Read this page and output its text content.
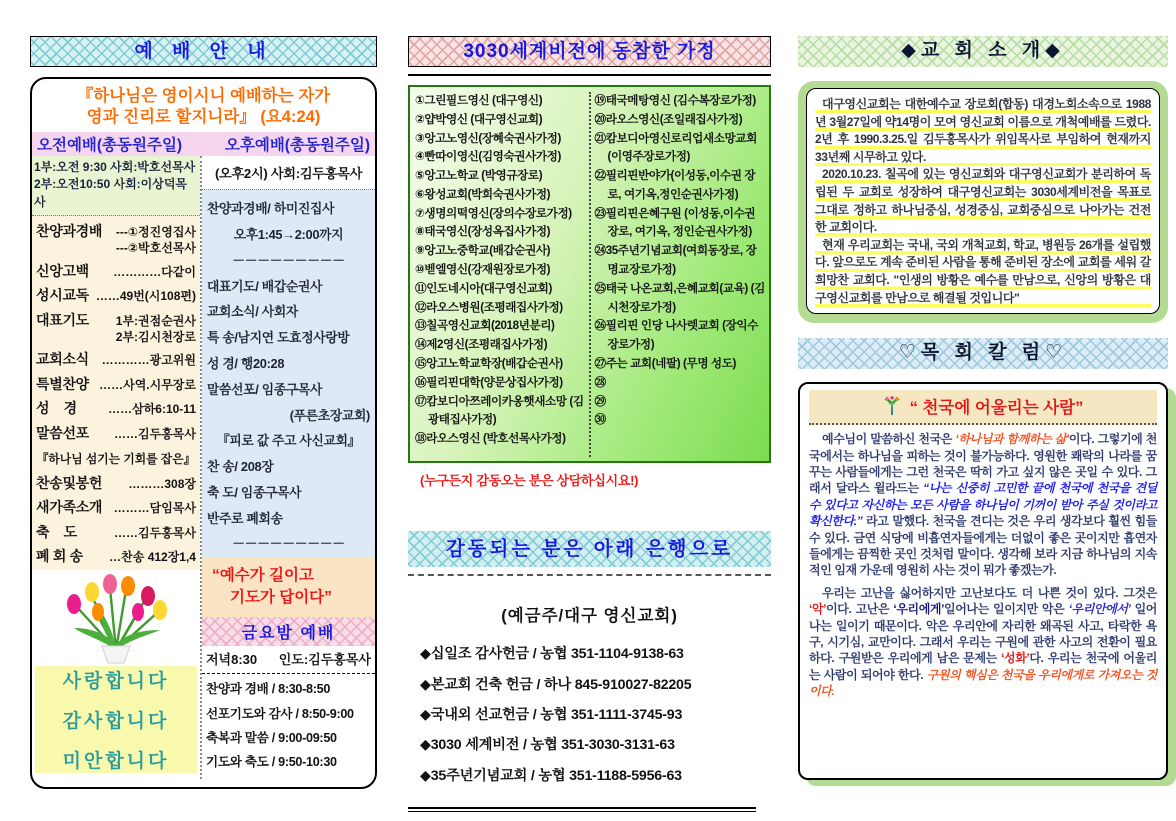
예 배 안 내
『하나님은 영이시니 예배하는 자가
영과 진리로 할지니라』 (요4:24)
오전예배(총동원주일)	오후예배(총동원주일)
1부:오전 9:30 사회:박호선목사
2부:오전10:50 사회:이상덕목사
찬양과경배 ---①정진영집사
---②박호선목사
신앙고백 …………다같이
성시교독 ……49번(시108편)
대표기도 1부:권점순권사
2부:김시천장로
교회소식 …………광고위원
특별찬양 ……사역.시무장로
성    경	……삼하6:10-11
말씀선포 ……김두홍목사
『하나님 섬기는 기회를 잡은』
찬송및봉헌 ………308장
새가족소개 ………담임목사
축    도	……김두홍목사
폐 회 송 …찬송 412장1,4
사랑합니다
감사합니다
미안합니다
(오후2시) 사회:김두홍목사
찬양과경배/ 하미진집사
오후1:45→2:00까지
－－－－－－－－－
대표기도/ 배갑순권사
교회소식/ 사회자
특 송/남지연 도효정사랑방
성 경/ 행20:28
말씀선포/ 임종구목사
(푸른초장교회)
『피로 값 주고 사신교회』
찬 송/ 208장
축 도/ 임종구목사
반주로 폐회송
－－－－－－－－－
“예수가 길이고
기도가 답이다”
금요밤 예배
저녁8:30 인도:김두홍목사
찬양과 경배 / 8:30-8:50
선포기도와 감사 / 8:50-9:00
축복과 말씀 / 9:00-09:50
기도와 축도 / 9:50-10:30
3030세계비전에 동참한 가정
①그린필드영신 (대구영신)
②얍박영신 (대구영신교회)
③앙고노영신(장혜숙권사가정)
④빤따이영신(김영숙권사가정)
⑤앙고노학교 (박영규장로)
⑥왕성교회(박희숙권사가정)
⑦생명의떡영신(장의수장로가정)
⑧태국영신(장성옥집사가정)
⑨앙고노중학교(배갑순권사)
⑩벧엘영신(강재원장로가정)
⑪인도네시아(대구영신교회)
⑫라오스병원(조평래집사가정)
⑬칠곡영신교회(2018년분리)
⑭제2영신(조평래집사가정)
⑮앙고노학교학장(배갑순권사)
⑯필리핀대학(양문상집사가정)
⑰캄보디아쯔레이카옹햇새소망 (김광태집사가정)
⑱라오스영신 (박호선목사가정)
⑲태국메탕영신 (김수복장로가정)
⑳라오스영신(조일래집사가정)
㉑캄보디아영신로리업새소망교회 (이영주장로가정)
㉒필리핀반야가(이성동,이수권 장로, 여기옥,정인순권사가정)
㉓필리핀은혜구원 (이성동,이수권 장로, 여기옥, 정인순권사가정)
㉔35주년기념교회(여희동장로, 장명교장로가정)
㉕태국 나온교회,은혜교회(교육) (김시천장로가정)
㉖필리핀 인당 나사렛교회 (장익수 장로가정)
㉗주는 교회(네팔) (무명 성도)
㉘
㉙
㉚
(누구든지 감동오는 분은 상담하십시요!)
감동되는 분은 아래 은행으로
(예금주/대구 영신교회)
◆십일조 감사헌금 / 농협 351-1104-9138-63
◆본교회 건축 헌금 / 하나 845-910027-82205
◆국내외 선교헌금 / 농협 351-1111-3745-93
◆3030 세계비전 / 농협 351-3030-3131-63
◆35주년기념교회 / 농협 351-1188-5956-63
◆교 회 소 개◆
대구영신교회는 대한예수교 장로회(합동) 대경노회소속으로 1988년 3월27일에 약14명이 모여 영신교회 이름으로 개척예배를 드렸다. 2년 후 1990.3.25.일 김두홍목사가 위임목사로 부임하여 현재까지 33년째 시무하고 있다.
2020.10.23. 칠곡에 있는 영신교회와 대구영신교회가 분리하여 독립된 두 교회로 성장하여 대구영신교회는 3030세계비전을 목표로 그대로 정하고 하나님중심, 성경중심, 교회중심으로 나아가는 건전한 교회이다.
현재 우리교회는 국내, 국외 개척교회, 학교, 병원등 26개를 설립했다. 앞으로도 계속 준비된 사람을 통해 준비된 장소에 교회를 세워 갈 희망찬 교회다. "인생의 방황은 예수를 만남으로, 신앙의 방황은 대구영신교회를 만남으로 해결될 것입니다"
♡목 회 칼 럼♡
“ 천국에 어울리는 사람”

예수님이 말씀하신 천국은 ‘하나님과 함께하는 삶’이다. 그렇기에 천국에서는 하나님을 피하는 것이 불가능하다. 영원한 쾌락의 나라를 꿈꾸는 사람들에게는 그런 천국은 딱히 가고 싶지 않은 곳일 수 있다. 그래서 달라스 윌라드는 “나는 신중히 고민한 끝에 천국에 천국을 견딜 수 있다고 자신하는 모든 사람을 하나님이 기꺼이 받아 주실 것이라고 확신한다.” 라고 말했다. 천국을 견디는 것은 우리 생각보다 훨씬 힘들 수 있다. 금연 식당에 비흡연자들에게는 더없이 좋은 곳이지만 흡연자들에게는 끔찍한 곳인 것처럼 말이다. 생각해 보라 지금 하나님의 지속적인 임재 가운데 영원히 사는 것이 뭐가 좋겠는가.

우리는 고난을 싫어하지만 고난보다도 더 나쁜 것이 있다. 그것은 ‘악’이다. 고난은 ‘우리에게’일어나는 일이지만 악은 ‘우리안에서’ 일어나는 일이기 때문이다. 악은 우리안에 자리한 왜곡된 사고, 타락한 욕구, 시기심, 교만이다. 그래서 우리는 구원에 관한 사고의 전환이 필요하다. 구원받은 우리에게 남은 문제는 ‘성화’다. 우리는 천국에 어울리는 사람이 되어야 한다. 구원의 핵심은 천국을 우리에게로 가져오는 것이다.
